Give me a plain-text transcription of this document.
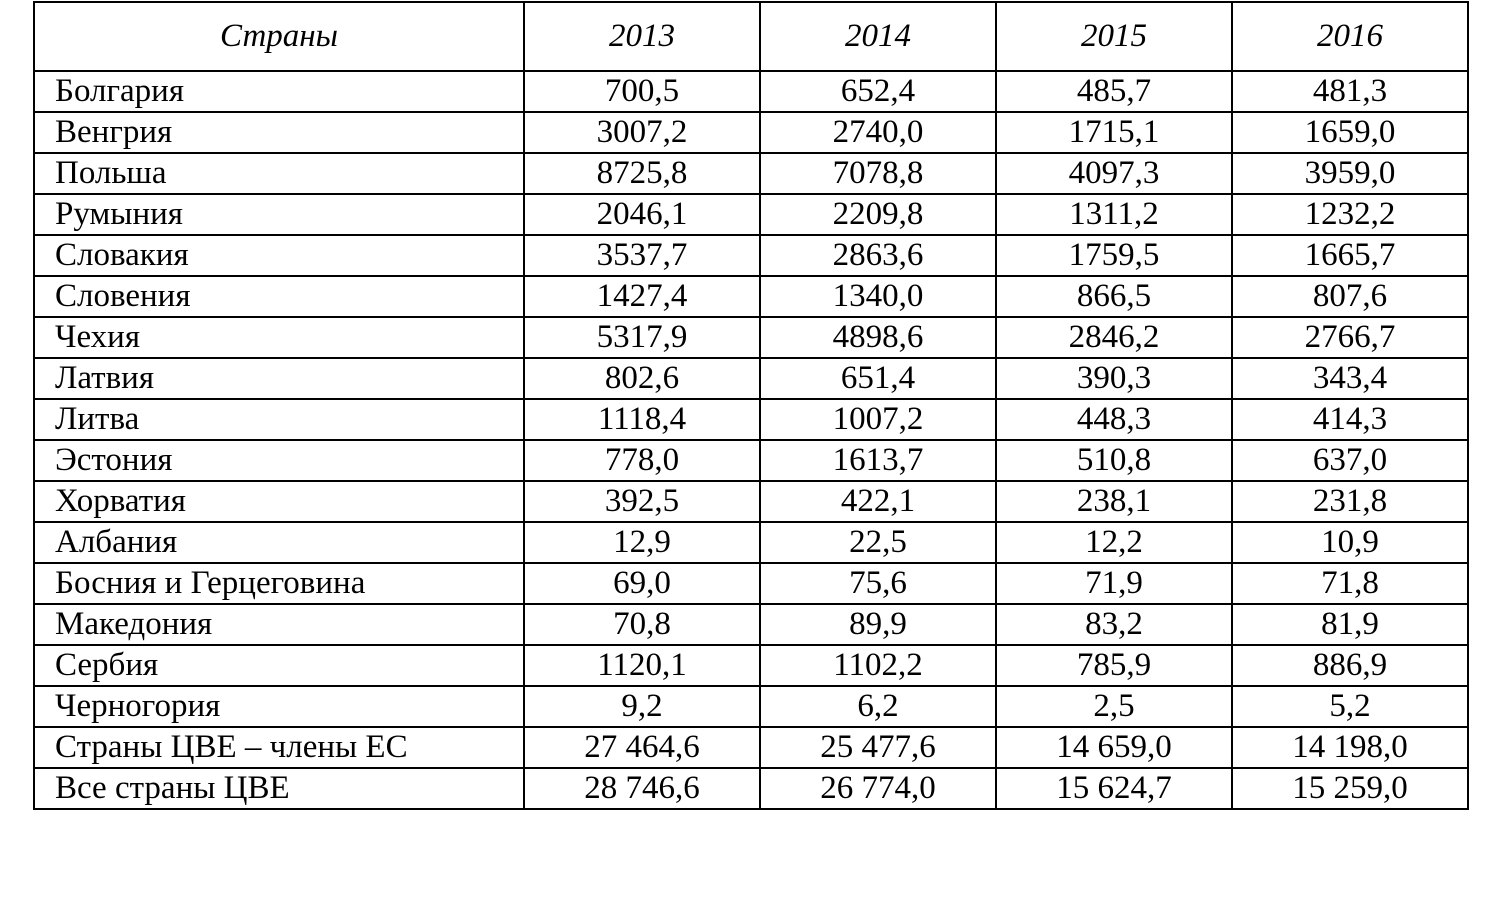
Страны	2013	2014	2015	2016
Болгария	700,5	652,4	485,7	481,3
Венгрия	3007,2	2740,0	1715,1	1659,0
Польша	8725,8	7078,8	4097,3	3959,0
Румыния	2046,1	2209,8	1311,2	1232,2
Словакия	3537,7	2863,6	1759,5	1665,7
Словения	1427,4	1340,0	866,5	807,6
Чехия	5317,9	4898,6	2846,2	2766,7
Латвия	802,6	651,4	390,3	343,4
Литва	1118,4	1007,2	448,3	414,3
Эстония	778,0	1613,7	510,8	637,0
Хорватия	392,5	422,1	238,1	231,8
Албания	12,9	22,5	12,2	10,9
Босния и Герцеговина	69,0	75,6	71,9	71,8
Македония	70,8	89,9	83,2	81,9
Сербия	1120,1	1102,2	785,9	886,9
Черногория	9,2	6,2	2,5	5,2
Страны ЦВЕ – члены ЕС	27 464,6	25 477,6	14 659,0	14 198,0
Все страны ЦВЕ	28 746,6	26 774,0	15 624,7	15 259,0
